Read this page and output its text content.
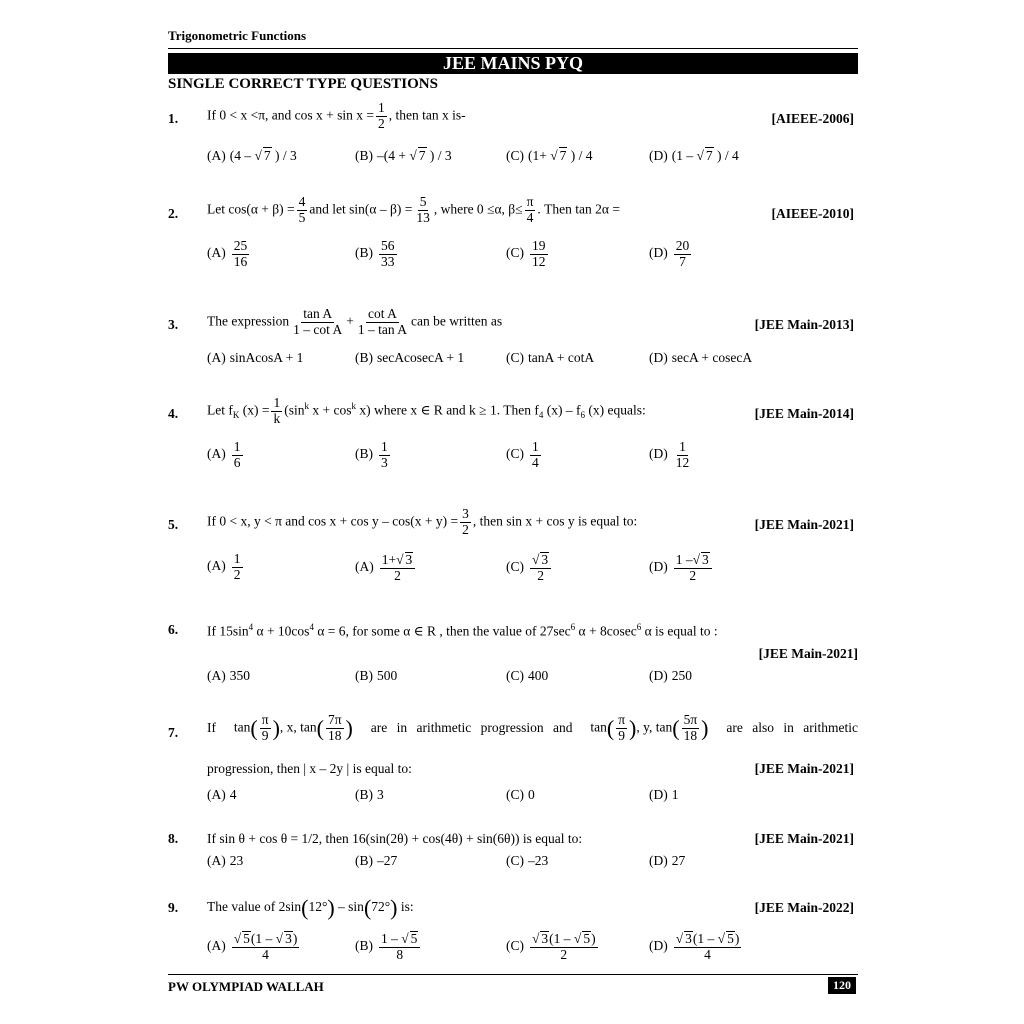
Trigonometric Functions
JEE MAINS PYQ
SINGLE CORRECT TYPE QUESTIONS
1. If 0 < x <π, and $\cos x + \sin x = \frac{1}{2}$ , then tan x is-	[AIEEE-2006]
(A) (4 – √ 7 ) / 3	(B) –(4 + √ 7 ) / 3	(C) (1+ √ 7 ) / 4	(D) (1 – √ 7 ) / 4
2. Let $\cos(\alpha + \beta) = \frac{4}{5}$ and let $\sin(\alpha - \beta) = \frac{5}{13}$ , where 0 ≤α, $\beta\le \frac{\pi}{4}$ . Then tan 2α =	[AIEEE-2010]
$(A) \frac{25}{16}$	$(B) \frac{56}{33}$	$(C) \frac{19}{12}$	$(D) \frac{20}{7}$
3. The expression $\frac{\text{tan A}}{\text{1 – cot A}} + \frac{\text{cot A}}{\text{1 – tan A}}$ can be written as	[JEE Main-2013]
(A) sinAcosA + 1	(B) secAcosecA + 1	(C) tanA + cotA	(D) secA + cosecA
4. Let $f_K$ $(x) = \frac{1}{k} (\sin^k$ $x + \cos^k x$) where x ∈ R and k ≥ 1. Then $f_4$ $(x) - f_6$ (x) equals:	[JEE Main-2014]
$(A) \frac{1}{6}$	$(B) \frac{1}{3}$	$(C) \frac{1}{4}$	$(D) \frac{1}{12}$
5. If 0 < x, y < π and $\cos x + \cos y - \cos(x + y) = \frac{3}{2}$ , then sin x + cos y is equal to:	[JEE Main-2021]
$(A) \frac{1}{2}$	$(A) \frac{1+√ 3}{2}$	$(C) \frac{√ 3}{2}$	$(D) \frac{1 -√ 3}{2}$
6. If $15\sin^4$ $\alpha + 10\cos^4$ α = 6, for some α ∈ R , then the value of $27\sec^6$ α + 8cosec$^6$ α is equal to :
[JEE Main-2021]
(A) 350	(B) 500	(C) 400	(D) 250
7. If $\tan( \frac{\pi}{9}$ ), x, $\tan( \frac{7\pi}{18}$ ) are in arithmetic progression and $\tan( \frac{\pi}{9}$ ), y, $\tan( \frac{5\pi}{18}$ ) are also in arithmetic
progression, then | x – 2y | is equal to:	[JEE Main-2021]
(A) 4	(B) 3	(C) 0	(D) 1
8. If sin θ + cos θ = 1/2, then 16(sin(2θ) + cos(4θ) + sin(6θ)) is equal to:	[JEE Main-2021]
(A) 23	(B) –27	(C) –23	(D) 27
9. The value of 2sin(12°) – sin(72°) is:	[JEE Main-2022]
$(A) \frac{√ 5(1 - √ 3)}{4}$	$(B) \frac{1 - √ 5}{8}$	$(C) \frac{√ 3(1 - √ 5)}{2}$	$(D) \frac{√ 3(1 - √ 5)}{4}$
PW OLYMPIAD WALLAH	120
